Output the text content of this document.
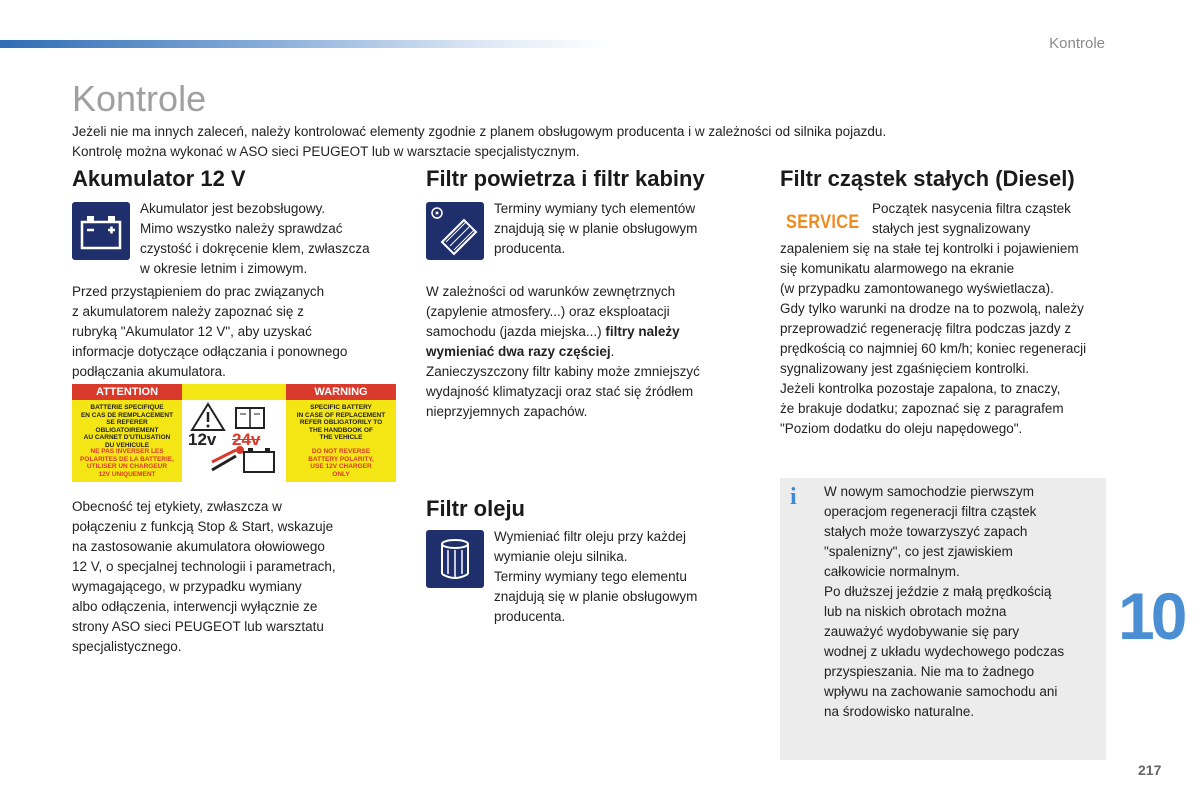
Kontrole
Kontrole

Jeżeli nie ma innych zaleceń, należy kontrolować elementy zgodnie z planem obsługowym producenta i w zależności od silnika pojazdu.

Kontrolę można wykonać w ASO sieci PEUGEOT lub w warsztacie specjalistycznym.

Akumulator 12 V

Akumulator jest bezobsługowy.

Mimo wszystko należy sprawdzać

czystość i dokręcenie klem, zwłaszcza

w okresie letnim i zimowym.

Przed przystąpieniem do prac związanych

z akumulatorem należy zapoznać się z

rubryką "Akumulator 12 V", aby uzyskać

informacje dotyczące odłączania i ponownego

podłączania akumulatora.

ATTENTION	WARNING
BATTERIE SPECIFIQUE
EN CAS DE REMPLACEMENT
SE REFERER OBLIGATOIREMENT
AU CARNET D'UTILISATION
DU VEHICULE
SPECIFIC BATTERY
IN CASE OF REPLACEMENT
REFER OBLIGATORILY TO
THE HANDBOOK OF
THE VEHICLE
NE PAS INVERSER LES
POLARITES DE LA BATTERIE,
UTILISER UN CHARGEUR
12V UNIQUEMENT
DO NOT REVERSE
BATTERY POLARITY,
USE 12V CHARGER
ONLY
12v 24v

Obecność tej etykiety, zwłaszcza w

połączeniu z funkcją Stop & Start, wskazuje

na zastosowanie akumulatora ołowiowego

12 V, o specjalnej technologii i parametrach,

wymagającego, w przypadku wymiany

albo odłączenia, interwencji wyłącznie ze

strony ASO sieci PEUGEOT lub warsztatu

specjalistycznego.

Filtr powietrza i filtr kabiny

Terminy wymiany tych elementów

znajdują się w planie obsługowym

producenta.

W zależności od warunków zewnętrznych

(zapylenie atmosfery...) oraz eksploatacji

samochodu (jazda miejska...) filtry należy

wymieniać dwa razy częściej.

Zanieczyszczony filtr kabiny może zmniejszyć

wydajność klimatyzacji oraz stać się źródłem

nieprzyjemnych zapachów.

Filtr oleju

Wymieniać filtr oleju przy każdej

wymianie oleju silnika.

Terminy wymiany tego elementu

znajdują się w planie obsługowym

producenta.

Filtr cząstek stałych (Diesel)
SERVICE

Początek nasycenia filtra cząstek

stałych jest sygnalizowany

zapaleniem się na stałe tej kontrolki i pojawieniem

się komunikatu alarmowego na ekranie

(w przypadku zamontowanego wyświetlacza).

Gdy tylko warunki na drodze na to pozwolą, należy

przeprowadzić regenerację filtra podczas jazdy z

prędkością co najmniej 60 km/h; koniec regeneracji

sygnalizowany jest zgaśnięciem kontrolki.

Jeżeli kontrolka pozostaje zapalona, to znaczy,

że brakuje dodatku; zapoznać się z paragrafem

"Poziom dodatku do oleju napędowego".

i W nowym samochodzie pierwszym

operacjom regeneracji filtra cząstek

stałych może towarzyszyć zapach

"spalenizny", co jest zjawiskiem

całkowicie normalnym.

Po dłuższej jeździe z małą prędkością

lub na niskich obrotach można

zauważyć wydobywanie się pary

wodnej z układu wydechowego podczas

przyspieszania. Nie ma to żadnego

wpływu na zachowanie samochodu ani

na środowisko naturalne.

10
217
